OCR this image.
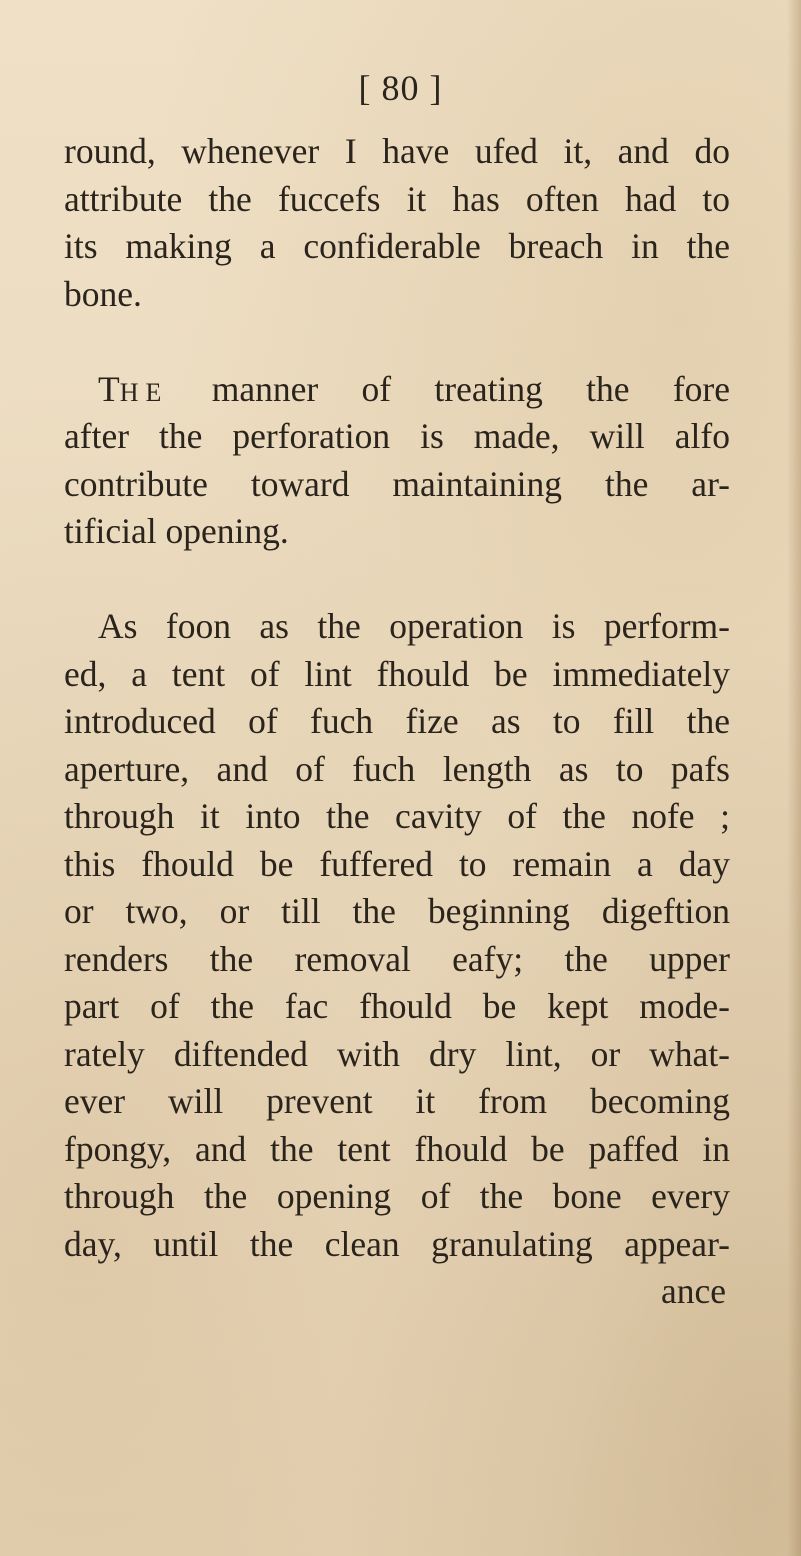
[ 80 ]
round, whenever I have ufed it, and do
attribute the fuccefs it has often had to
its making a confiderable breach in the
bone.
THE manner of treating the fore
after the perforation is made, will alfo
contribute toward maintaining the ar-
tificial opening.
As foon as the operation is perform-
ed, a tent of lint fhould be immediately
introduced of fuch fize as to fill the
aperture, and of fuch length as to pafs
through it into the cavity of the nofe ;
this fhould be fuffered to remain a day
or two, or till the beginning digeftion
renders the removal eafy; the upper
part of the fac fhould be kept mode-
rately diftended with dry lint, or what-
ever will prevent it from becoming
fpongy, and the tent fhould be paffed in
through the opening of the bone every
day, until the clean granulating appear-
ance
